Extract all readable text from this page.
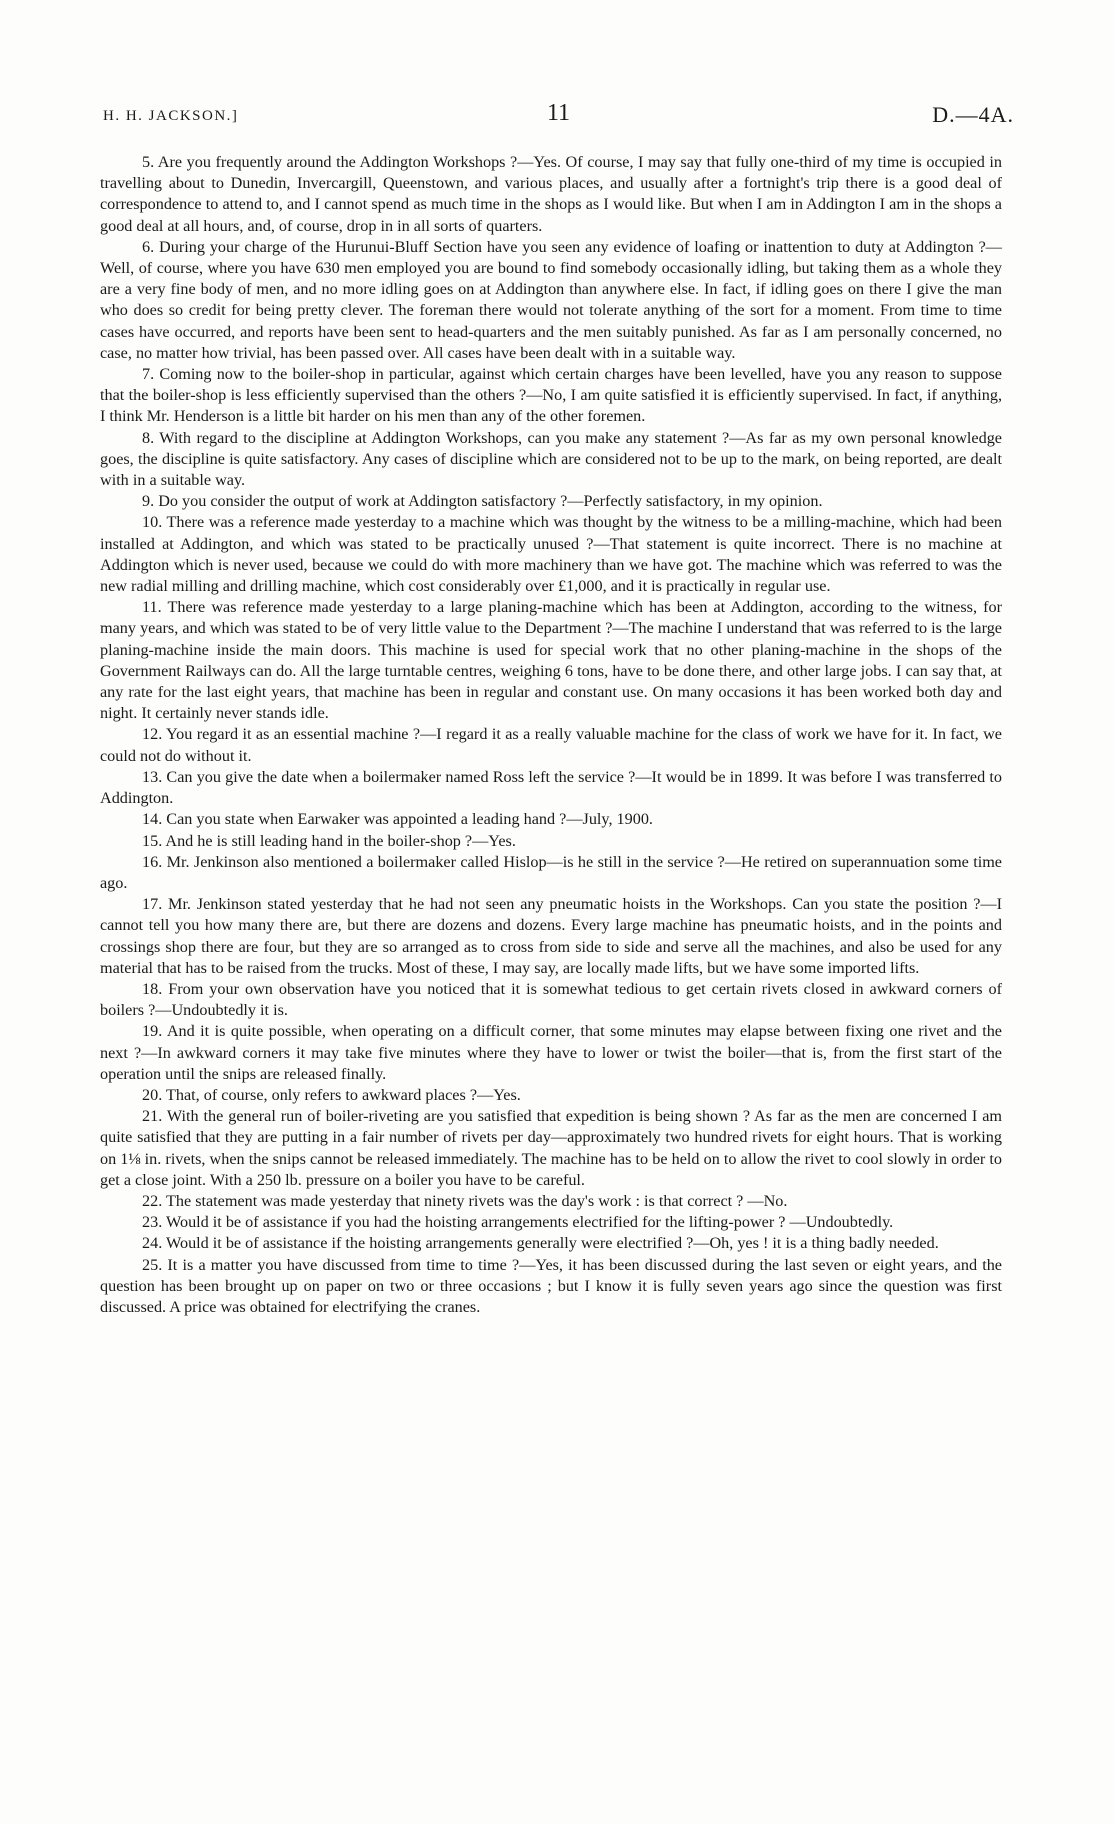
H. H. JACKSON.]	11	D.—4A.

5. Are you frequently around the Addington Workshops ?—Yes. Of course, I may say that fully one-third of my time is occupied in travelling about to Dunedin, Invercargill, Queenstown, and various places, and usually after a fortnight's trip there is a good deal of correspondence to attend to, and I cannot spend as much time in the shops as I would like. But when I am in Addington I am in the shops a good deal at all hours, and, of course, drop in in all sorts of quarters.

6. During your charge of the Hurunui-Bluff Section have you seen any evidence of loafing or inattention to duty at Addington ?—Well, of course, where you have 630 men employed you are bound to find somebody occasionally idling, but taking them as a whole they are a very fine body of men, and no more idling goes on at Addington than anywhere else. In fact, if idling goes on there I give the man who does so credit for being pretty clever. The foreman there would not tolerate anything of the sort for a moment. From time to time cases have occurred, and reports have been sent to head-quarters and the men suitably punished. As far as I am personally concerned, no case, no matter how trivial, has been passed over. All cases have been dealt with in a suitable way.

7. Coming now to the boiler-shop in particular, against which certain charges have been levelled, have you any reason to suppose that the boiler-shop is less efficiently supervised than the others ?—No, I am quite satisfied it is efficiently supervised. In fact, if anything, I think Mr. Henderson is a little bit harder on his men than any of the other foremen.

8. With regard to the discipline at Addington Workshops, can you make any statement ?—As far as my own personal knowledge goes, the discipline is quite satisfactory. Any cases of discipline which are considered not to be up to the mark, on being reported, are dealt with in a suitable way.

9. Do you consider the output of work at Addington satisfactory ?—Perfectly satisfactory, in my opinion.

10. There was a reference made yesterday to a machine which was thought by the witness to be a milling-machine, which had been installed at Addington, and which was stated to be practically unused ?—That statement is quite incorrect. There is no machine at Addington which is never used, because we could do with more machinery than we have got. The machine which was referred to was the new radial milling and drilling machine, which cost considerably over £1,000, and it is practically in regular use.

11. There was reference made yesterday to a large planing-machine which has been at Addington, according to the witness, for many years, and which was stated to be of very little value to the Department ?—The machine I understand that was referred to is the large planing-machine inside the main doors. This machine is used for special work that no other planing-machine in the shops of the Government Railways can do. All the large turntable centres, weighing 6 tons, have to be done there, and other large jobs. I can say that, at any rate for the last eight years, that machine has been in regular and constant use. On many occasions it has been worked both day and night. It certainly never stands idle.

12. You regard it as an essential machine ?—I regard it as a really valuable machine for the class of work we have for it. In fact, we could not do without it.

13. Can you give the date when a boilermaker named Ross left the service ?—It would be in 1899. It was before I was transferred to Addington.

14. Can you state when Earwaker was appointed a leading hand ?—July, 1900.

15. And he is still leading hand in the boiler-shop ?—Yes.

16. Mr. Jenkinson also mentioned a boilermaker called Hislop—is he still in the service ?—He retired on superannuation some time ago.

17. Mr. Jenkinson stated yesterday that he had not seen any pneumatic hoists in the Workshops. Can you state the position ?—I cannot tell you how many there are, but there are dozens and dozens. Every large machine has pneumatic hoists, and in the points and crossings shop there are four, but they are so arranged as to cross from side to side and serve all the machines, and also be used for any material that has to be raised from the trucks. Most of these, I may say, are locally made lifts, but we have some imported lifts.

18. From your own observation have you noticed that it is somewhat tedious to get certain rivets closed in awkward corners of boilers ?—Undoubtedly it is.

19. And it is quite possible, when operating on a difficult corner, that some minutes may elapse between fixing one rivet and the next ?—In awkward corners it may take five minutes where they have to lower or twist the boiler—that is, from the first start of the operation until the snips are released finally.

20. That, of course, only refers to awkward places ?—Yes.

21. With the general run of boiler-riveting are you satisfied that expedition is being shown ? As far as the men are concerned I am quite satisfied that they are putting in a fair number of rivets per day—approximately two hundred rivets for eight hours. That is working on 1⅛ in. rivets, when the snips cannot be released immediately. The machine has to be held on to allow the rivet to cool slowly in order to get a close joint. With a 250 lb. pressure on a boiler you have to be careful.

22. The statement was made yesterday that ninety rivets was the day's work : is that correct ? —No.

23. Would it be of assistance if you had the hoisting arrangements electrified for the lifting-power ? —Undoubtedly.

24. Would it be of assistance if the hoisting arrangements generally were electrified ?—Oh, yes ! it is a thing badly needed.

25. It is a matter you have discussed from time to time ?—Yes, it has been discussed during the last seven or eight years, and the question has been brought up on paper on two or three occasions ; but I know it is fully seven years ago since the question was first discussed. A price was obtained for electrifying the cranes.
